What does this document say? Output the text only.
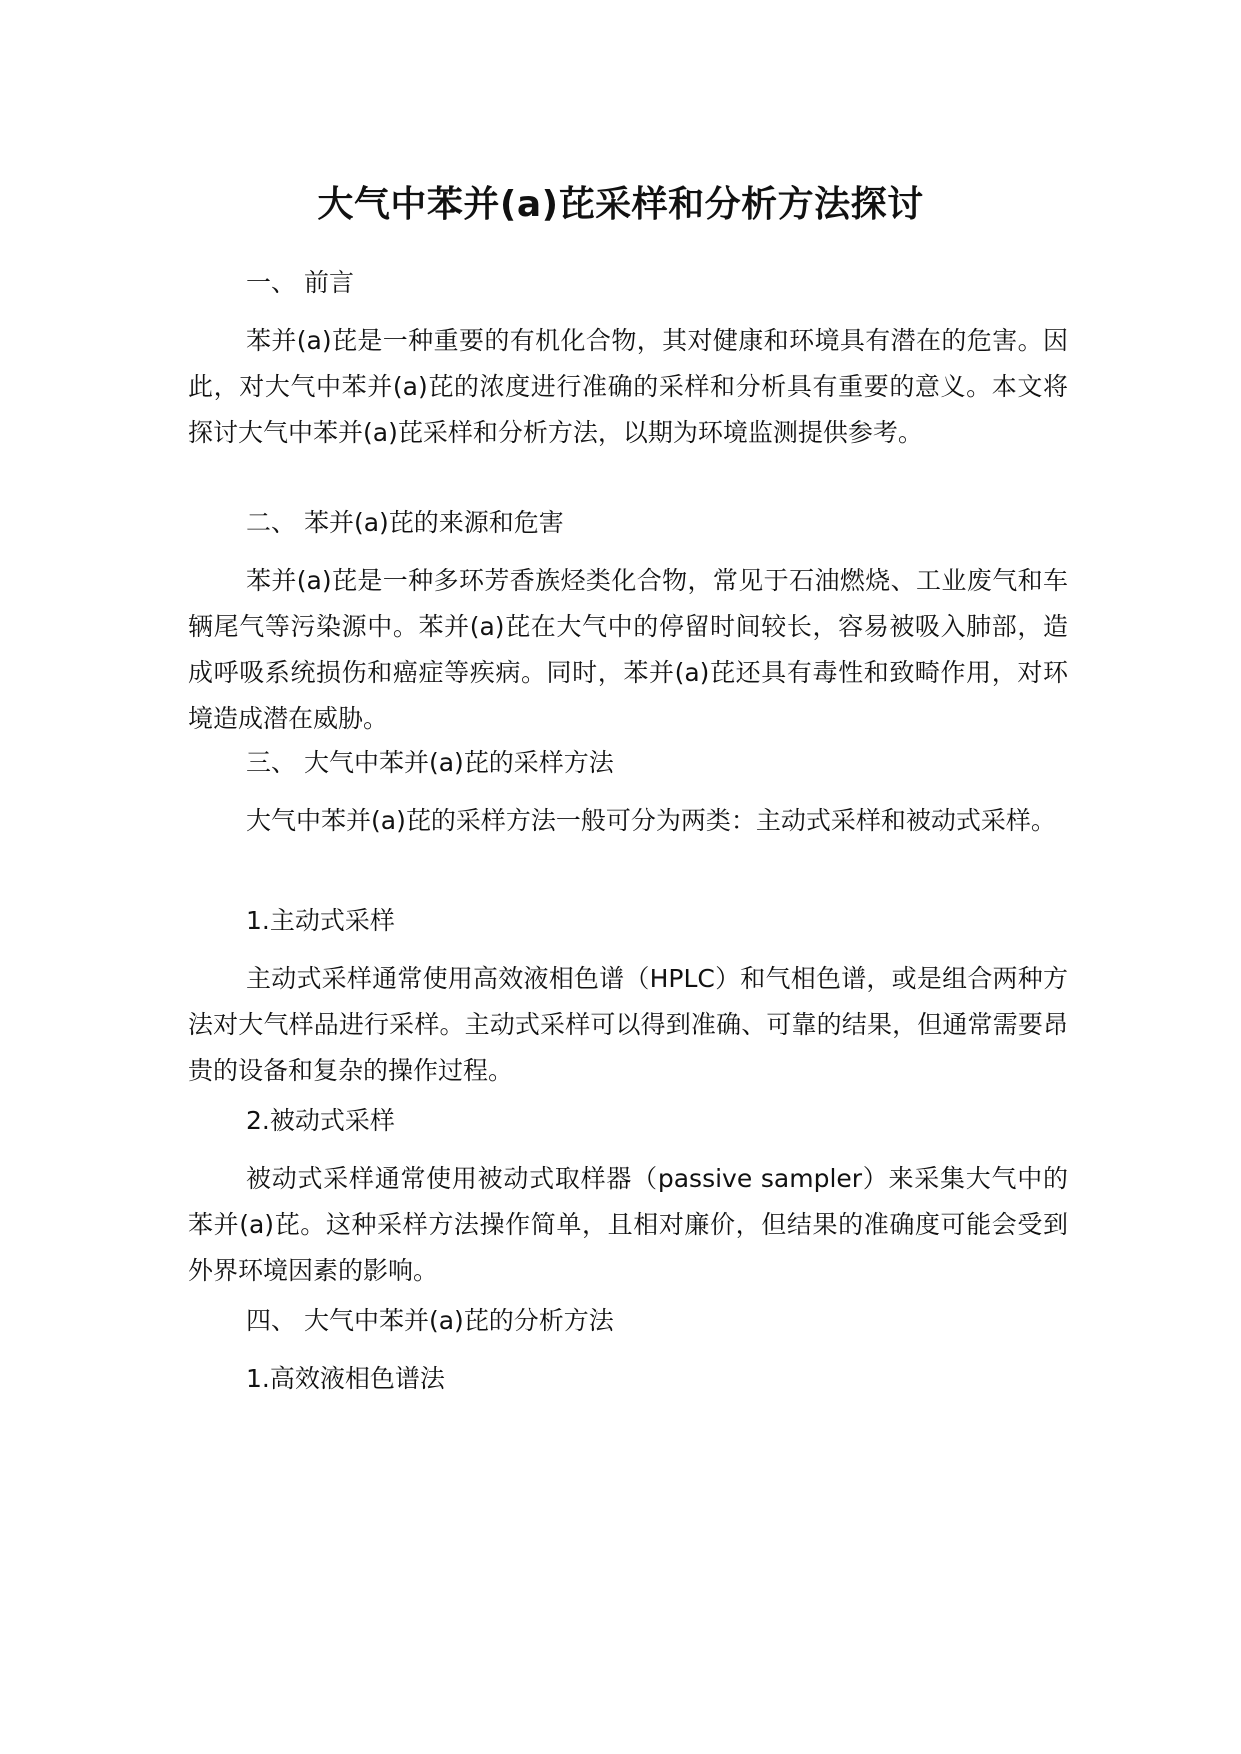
大气中苯并(a)芘采样和分析方法探讨
一、 前言
苯并(a)芘是一种重要的有机化合物，其对健康和环境具有潜在的危害。因此，对大气中苯并(a)芘的浓度进行准确的采样和分析具有重要的意义。本文将探讨大气中苯并(a)芘采样和分析方法，以期为环境监测提供参考。
二、 苯并(a)芘的来源和危害
苯并(a)芘是一种多环芳香族烃类化合物，常见于石油燃烧、工业废气和车辆尾气等污染源中。苯并(a)芘在大气中的停留时间较长，容易被吸入肺部，造成呼吸系统损伤和癌症等疾病。同时，苯并(a)芘还具有毒性和致畸作用，对环境造成潜在威胁。
三、 大气中苯并(a)芘的采样方法
大气中苯并(a)芘的采样方法一般可分为两类：主动式采样和被动式采样。
1.主动式采样
主动式采样通常使用高效液相色谱（HPLC）和气相色谱，或是组合两种方法对大气样品进行采样。主动式采样可以得到准确、可靠的结果，但通常需要昂贵的设备和复杂的操作过程。
2.被动式采样
被动式采样通常使用被动式取样器（passive sampler）来采集大气中的苯并(a)芘。这种采样方法操作简单，且相对廉价，但结果的准确度可能会受到外界环境因素的影响。
四、 大气中苯并(a)芘的分析方法
1.高效液相色谱法
